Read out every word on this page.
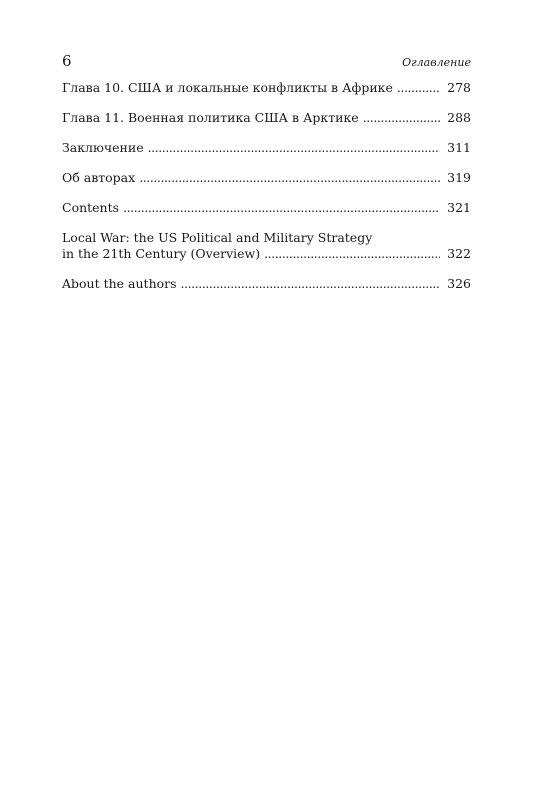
6	Оглавление
Глава 10. США и локальные конфликты в Африке . . .	278
Глава 11. Военная политика США в Арктике . . .	288
Заключение . . .	311
Об авторах . . .	319
Contents . . .	321
Local War: the US Political and Military Strategy
in the 21th Century (Overview) . . .	322
About the authors . . .	326
